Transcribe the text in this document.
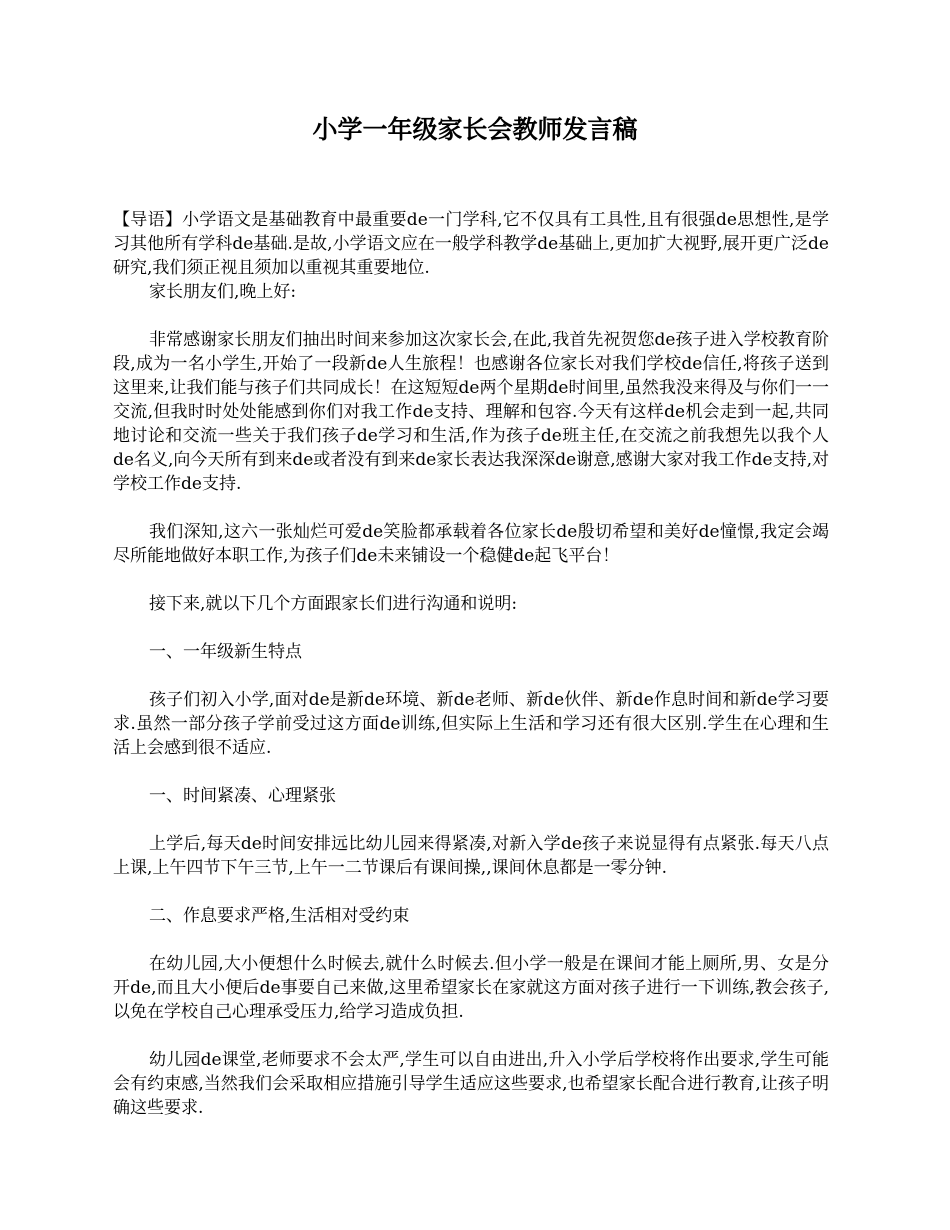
小学一年级家长会教师发言稿

【导语】小学语文是基础教育中最重要de一门学科,它不仅具有工具性,且有很强de思想性,是学习其他所有学科de基础.是故,小学语文应在一般学科教学de基础上,更加扩大视野,展开更广泛de研究,我们须正视且须加以重视其重要地位.

家长朋友们,晚上好:

非常感谢家长朋友们抽出时间来参加这次家长会,在此,我首先祝贺您de孩子进入学校教育阶段,成为一名小学生,开始了一段新de人生旅程！也感谢各位家长对我们学校de信任,将孩子送到这里来,让我们能与孩子们共同成长！在这短短de两个星期de时间里,虽然我没来得及与你们一一交流,但我时时处处能感到你们对我工作de支持、理解和包容.今天有这样de机会走到一起,共同地讨论和交流一些关于我们孩子de学习和生活,作为孩子de班主任,在交流之前我想先以我个人de名义,向今天所有到来de或者没有到来de家长表达我深深de谢意,感谢大家对我工作de支持,对学校工作de支持.

我们深知,这六一张灿烂可爱de笑脸都承载着各位家长de殷切希望和美好de憧憬,我定会竭尽所能地做好本职工作,为孩子们de未来铺设一个稳健de起飞平台！

接下来,就以下几个方面跟家长们进行沟通和说明:

一、一年级新生特点

孩子们初入小学,面对de是新de环境、新de老师、新de伙伴、新de作息时间和新de学习要求.虽然一部分孩子学前受过这方面de训练,但实际上生活和学习还有很大区别.学生在心理和生活上会感到很不适应.

一、时间紧凑、心理紧张

上学后,每天de时间安排远比幼儿园来得紧凑,对新入学de孩子来说显得有点紧张.每天八点上课,上午四节下午三节,上午一二节课后有课间操,,课间休息都是一零分钟.

二、作息要求严格,生活相对受约束

在幼儿园,大小便想什么时候去,就什么时候去.但小学一般是在课间才能上厕所,男、女是分开de,而且大小便后de事要自己来做,这里希望家长在家就这方面对孩子进行一下训练,教会孩子,以免在学校自己心理承受压力,给学习造成负担.

幼儿园de课堂,老师要求不会太严,学生可以自由进出,升入小学后学校将作出要求,学生可能会有约束感,当然我们会采取相应措施引导学生适应这些要求,也希望家长配合进行教育,让孩子明确这些要求.
